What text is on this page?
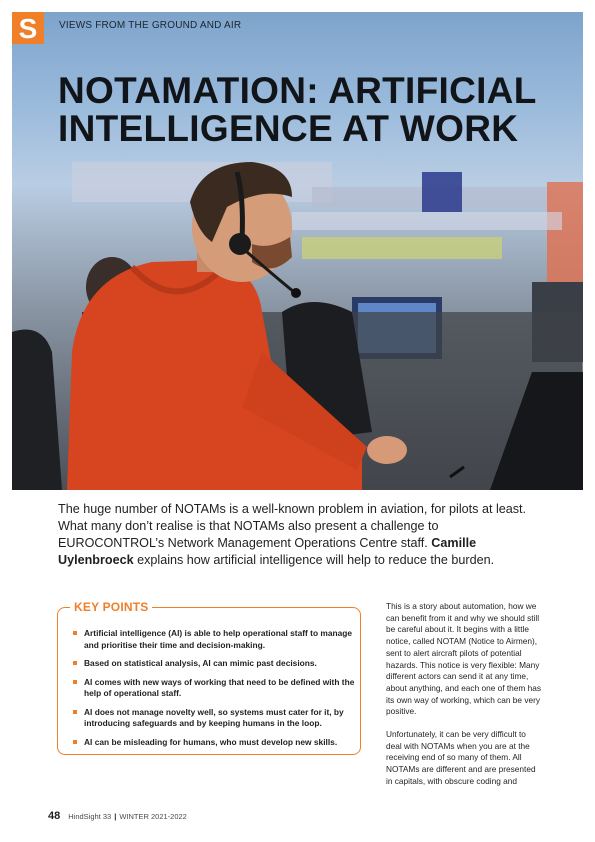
S VIEWS FROM THE GROUND AND AIR
NOTAMATION: ARTIFICIAL
INTELLIGENCE AT WORK

The huge number of NOTAMs is a well-known problem in aviation, for pilots at least. What many don’t realise is that NOTAMs also present a challenge to EUROCONTROL’s Network Management Operations Centre staff. Camille Uylenbroeck explains how artificial intelligence will help to reduce the burden.

KEY POINTS
Artificial intelligence (AI) is able to help operational staff to manage and prioritise their time and decision-making.
Based on statistical analysis, AI can mimic past decisions.
AI comes with new ways of working that need to be defined with the help of operational staff.
AI does not manage novelty well, so systems must cater for it, by introducing safeguards and by keeping humans in the loop.
AI can be misleading for humans, who must develop new skills.

This is a story about automation, how we can benefit from it and why we should still be careful about it. It begins with a little notice, called NOTAM (Notice to Airmen), sent to alert aircraft pilots of potential hazards. This notice is very flexible: Many different actors can send it at any time, about anything, and each one of them has its own way of working, which can be very positive.

Unfortunately, it can be very difficult to deal with NOTAMs when you are at the receiving end of so many of them. All NOTAMs are different and are presented in capitals, with obscure coding and

48 HindSight 33 | WINTER 2021-2022
